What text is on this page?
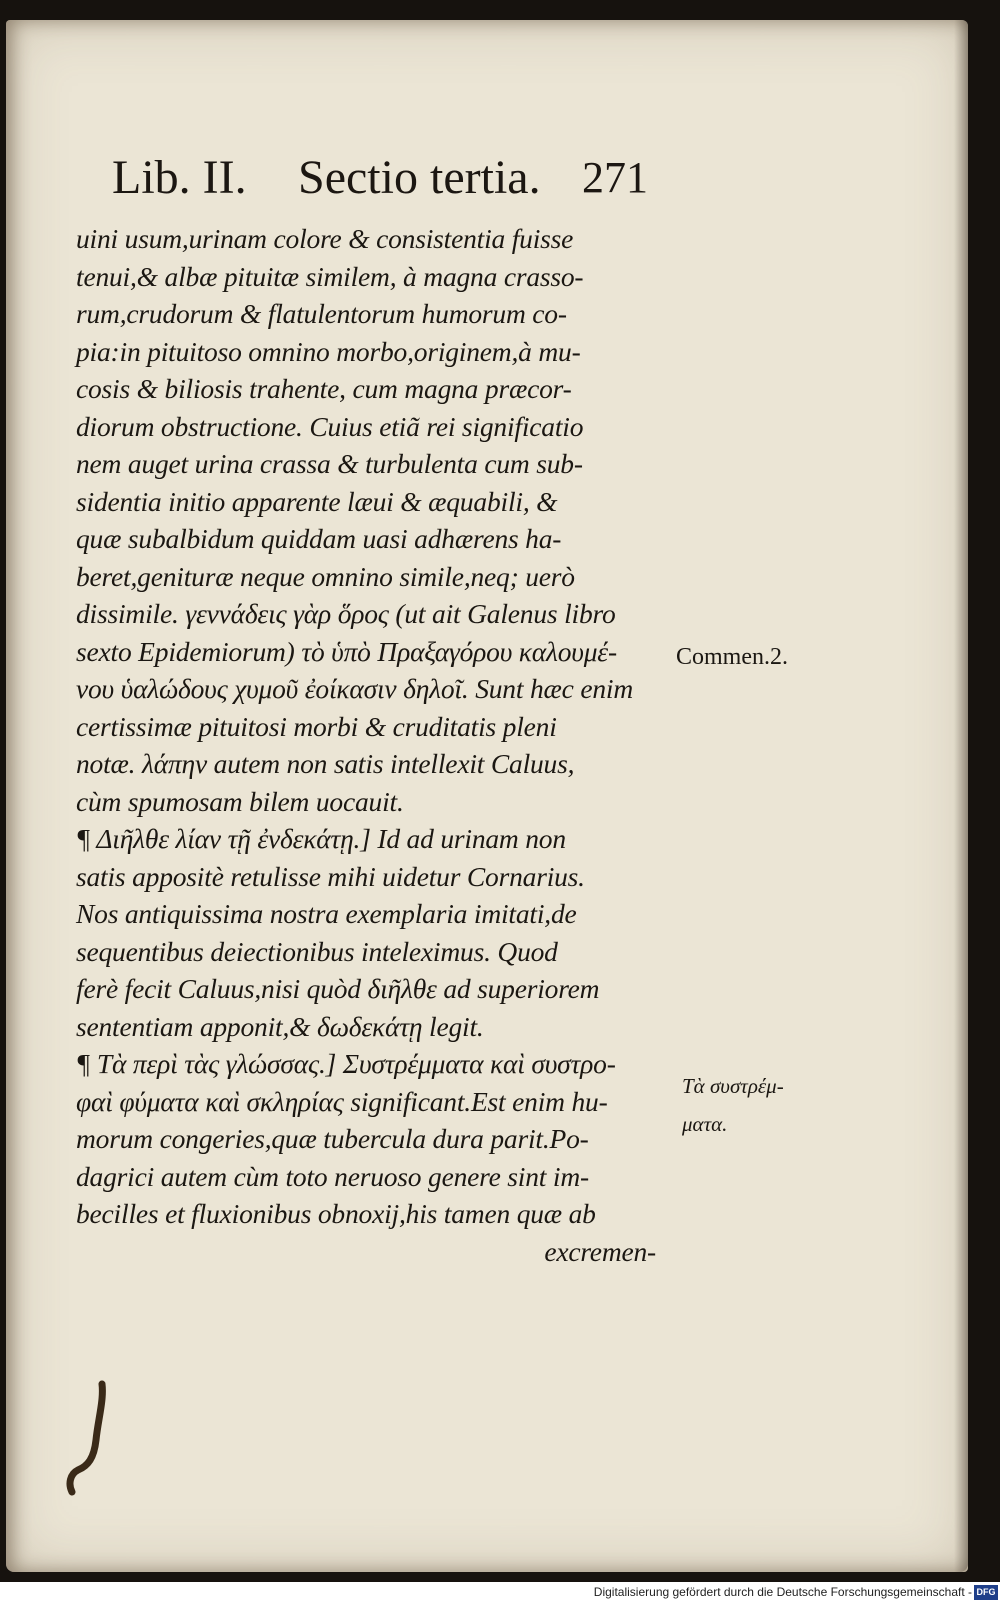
Lib. II. Sectio tertia. 271
uini usum,urinam colore & consistentia fuisse
tenui,& albæ pituitæ similem, à magna crasso-
rum,crudorum & flatulentorum humorum co-
pia:in pituitoso omnino morbo,originem,à mu-
cosis & biliosis trahente, cum magna præcor-
diorum obstructione. Cuius etiã rei significatio
nem auget urina crassa & turbulenta cum sub-
sidentia initio apparente læui & æquabili, &
quæ subalbidum quiddam uasi adhærens ha-
beret,genituræ neque omnino simile,neq; uerò
dissimile. γεννάδεις γὰρ ὅρος (ut ait Galenus libro
sexto Epidemiorum) τὸ ὑπὸ Πραξαγόρου καλουμέ-
νου ὑαλώδους χυμοῦ ἐοίκασιν δηλοῖ. Sunt hæc enim
certissimæ pituitosi morbi & cruditatis pleni
notæ. λάπην autem non satis intellexit Caluus,
cùm spumosam bilem uocauit.
¶ Διῆλθε λίαν τῇ ἐνδεκάτῃ.] Id ad urinam non
satis appositè retulisse mihi uidetur Cornarius.
Nos antiquissima nostra exemplaria imitati,de
sequentibus deiectionibus inteleximus. Quod
ferè fecit Caluus,nisi quòd διῆλθε ad superiorem
sententiam apponit,& δωδεκάτῃ legit.
¶ Τὰ περὶ τὰς γλώσσας.] Συστρέμματα καὶ συστρο-
φαὶ φύματα καὶ σκληρίας significant.Est enim hu-
morum congeries,quæ tubercula dura parit.Po-
dagrici autem cùm toto neruoso genere sint im-
becilles et fluxionibus obnoxij,his tamen quæ ab
excremen-
Commen.2.
Τὰ συστρέμ-
ματα.
Digitalisierung gefördert durch die Deutsche Forschungsgemeinschaft - DFG
